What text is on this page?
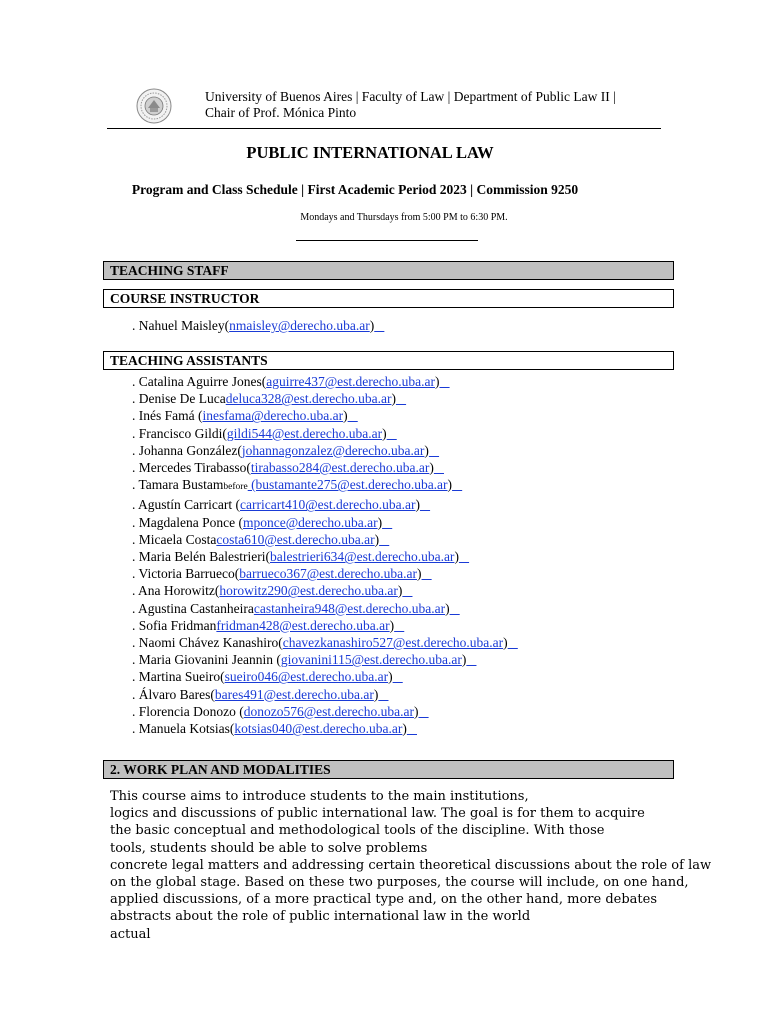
University of Buenos Aires | Faculty of Law | Department of Public Law II | Chair of Prof. Mónica Pinto
PUBLIC INTERNATIONAL LAW
Program and Class Schedule | First Academic Period 2023 | Commission 9250
Mondays and Thursdays from 5:00 PM to 6:30 PM.
TEACHING STAFF
COURSE INSTRUCTOR
. Nahuel Maisley(nmaisley@derecho.uba.ar)
TEACHING ASSISTANTS
. Catalina Aguirre Jones(aguirre437@est.derecho.uba.ar)
. Denise De Lucadeluca328@est.derecho.uba.ar)
. Inés Famá (inesfama@derecho.uba.ar)
. Francisco Gildi(gildi544@est.derecho.uba.ar)
. Johanna González(johannagonzalez@derecho.uba.ar)
. Mercedes Tirabasso(tirabasso284@est.derecho.uba.ar)
. Tamara Bustambefore (bustamante275@est.derecho.uba.ar)
. Agustín Carricart (carricart410@est.derecho.uba.ar)
. Magdalena Ponce (mponce@derecho.uba.ar)
. Micaela Costacosta610@est.derecho.uba.ar)
. Maria Belén Balestrieri(balestrieri634@est.derecho.uba.ar)
. Victoria Barrueco(barrueco367@est.derecho.uba.ar)
. Ana Horowitz(horowitz290@est.derecho.uba.ar)
. Agustina Castanheiracastanheira948@est.derecho.uba.ar)
. Sofia Fridmanfridman428@est.derecho.uba.ar)
. Naomi Chávez Kanashiro(chavezkanashiro527@est.derecho.uba.ar)
. Maria Giovanini Jeannin (giovanini115@est.derecho.uba.ar)
. Martina Sueiro(sueiro046@est.derecho.uba.ar)
. Álvaro Bares(bares491@est.derecho.uba.ar)
. Florencia Donozo (donozo576@est.derecho.uba.ar)
. Manuela Kotsias(kotsias040@est.derecho.uba.ar)
2. WORK PLAN AND MODALITIES
This course aims to introduce students to the main institutions,
logics and discussions of public international law. The goal is for them to acquire
the basic conceptual and methodological tools of the discipline. With those
tools, students should be able to solve problems
concrete legal matters and addressing certain theoretical discussions about the role of law
on the global stage. Based on these two purposes, the course will include, on one hand,
applied discussions, of a more practical type and, on the other hand, more debates
abstracts about the role of public international law in the world
actual
